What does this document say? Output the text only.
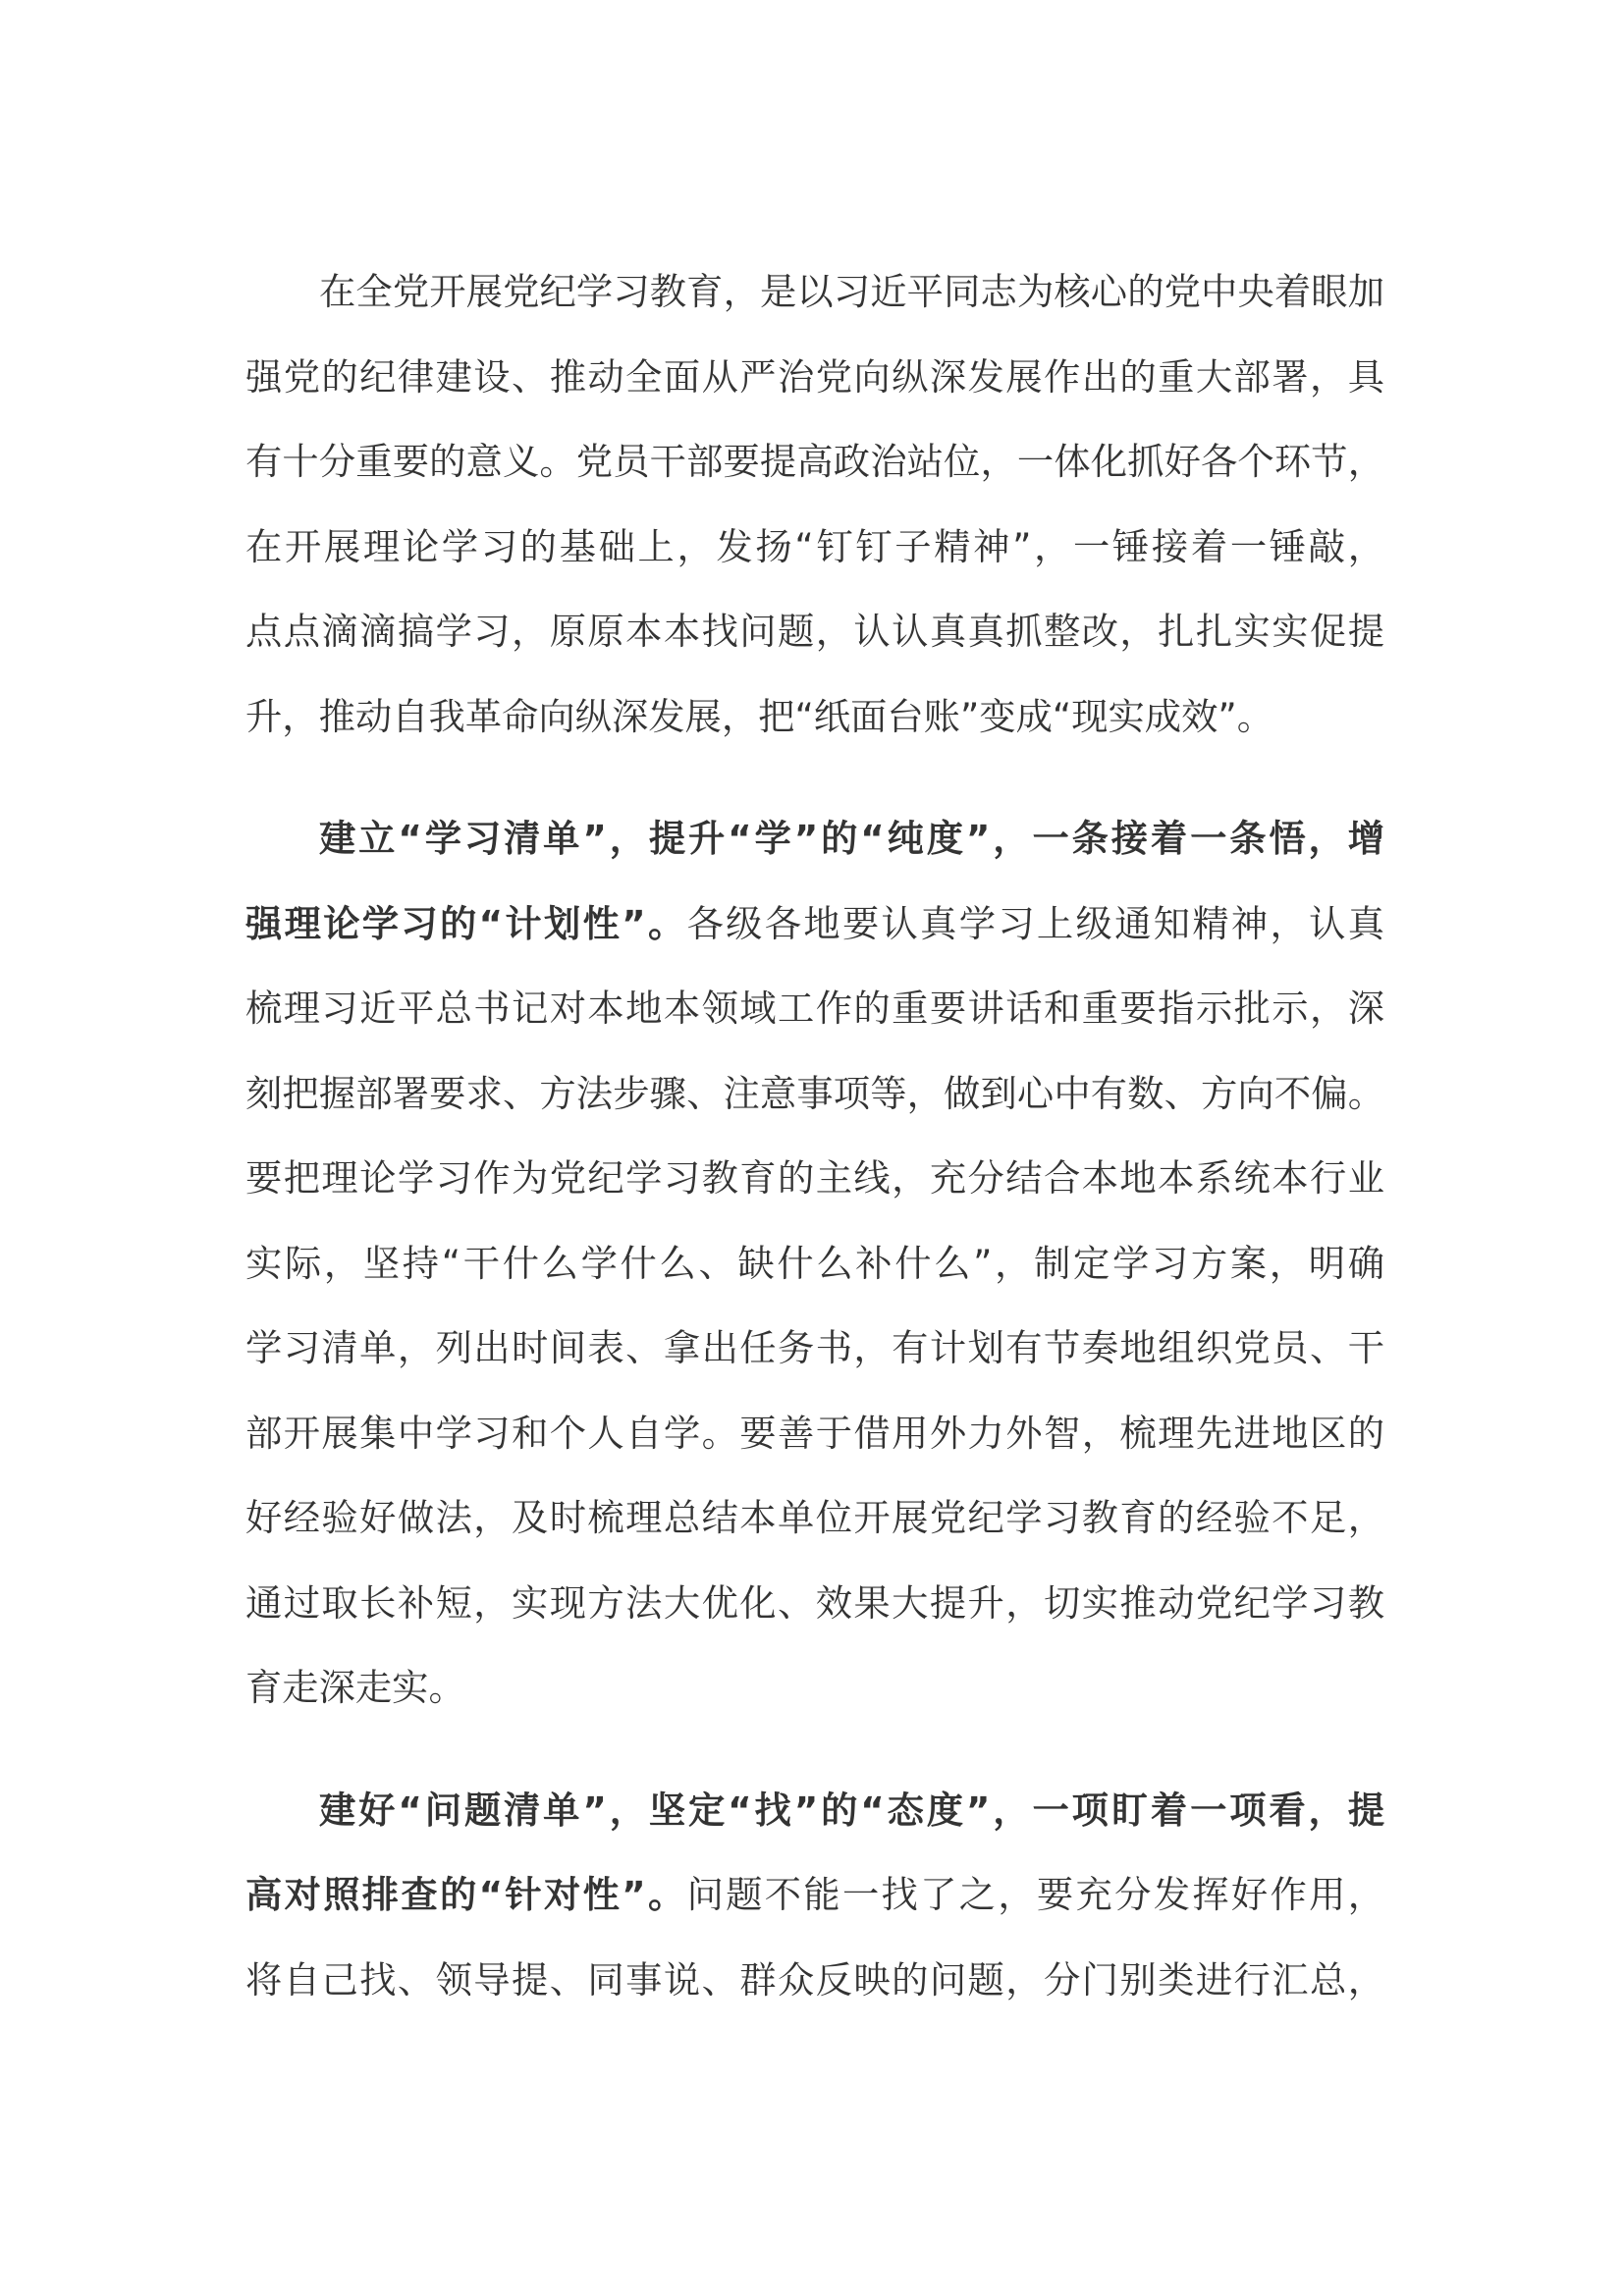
在全党开展党纪学习教育，是以习近平同志为核心的党中央着眼加
强党的纪律建设、推动全面从严治党向纵深发展作出的重大部署，具
有十分重要的意义。党员干部要提高政治站位，一体化抓好各个环节，
在开展理论学习的基础上，发扬“钉钉子精神”，一锤接着一锤敲，
点点滴滴搞学习，原原本本找问题，认认真真抓整改，扎扎实实促提
升，推动自我革命向纵深发展，把“纸面台账”变成“现实成效”。
建立“学习清单”，提升“学”的“纯度”，一条接着一条悟，增
强理论学习的“计划性”。各级各地要认真学习上级通知精神，认真
梳理习近平总书记对本地本领域工作的重要讲话和重要指示批示，深
刻把握部署要求、方法步骤、注意事项等，做到心中有数、方向不偏。
要把理论学习作为党纪学习教育的主线，充分结合本地本系统本行业
实际，坚持“干什么学什么、缺什么补什么”，制定学习方案，明确
学习清单，列出时间表、拿出任务书，有计划有节奏地组织党员、干
部开展集中学习和个人自学。要善于借用外力外智，梳理先进地区的
好经验好做法，及时梳理总结本单位开展党纪学习教育的经验不足，
通过取长补短，实现方法大优化、效果大提升，切实推动党纪学习教
育走深走实。
建好“问题清单”，坚定“找”的“态度”，一项盯着一项看，提
高对照排查的“针对性”。问题不能一找了之，要充分发挥好作用，
将自己找、领导提、同事说、群众反映的问题，分门别类进行汇总，
